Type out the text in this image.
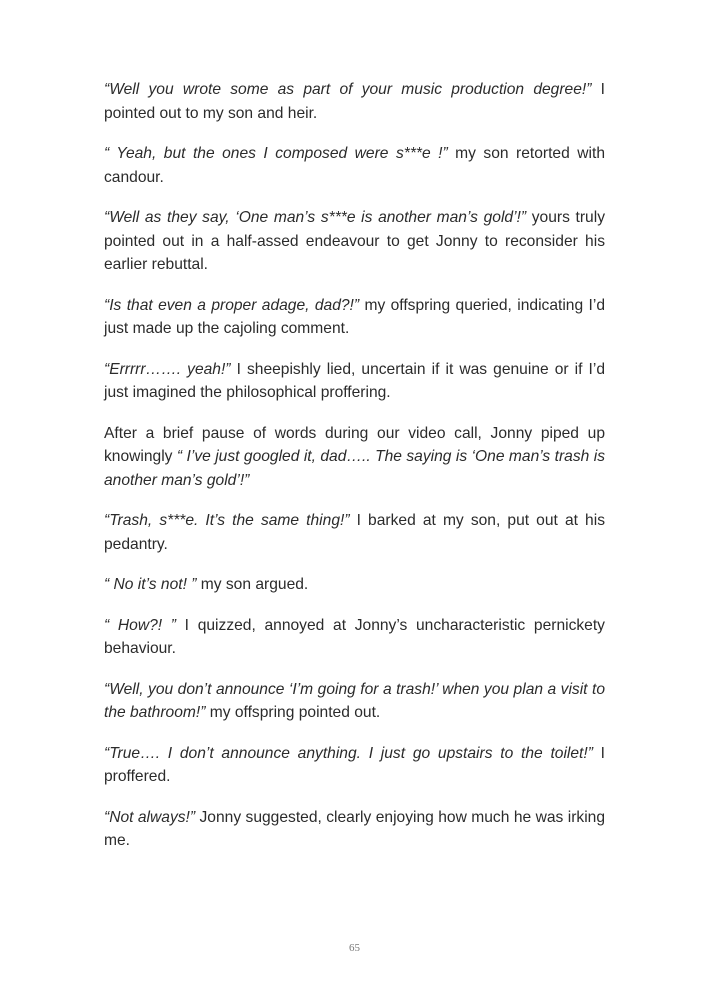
“Well you wrote some as part of your music production degree!” I pointed out to my son and heir.

“ Yeah, but the ones I composed were s***e !” my son retorted with candour.

“Well as they say, ‘One man’s s***e is another man’s gold’!” yours truly pointed out in a half-assed endeavour to get Jonny to reconsider his earlier rebuttal.

“Is that even a proper adage, dad?!” my offspring queried, indicating I’d just made up the cajoling comment.

“Errrrr……. yeah!” I sheepishly lied, uncertain if it was genuine or if I’d just imagined the philosophical proffering.

After a brief pause of words during our video call, Jonny piped up knowingly “ I’ve just googled it, dad….. The saying is ‘One man’s trash is another man’s gold’!”

“Trash, s***e. It’s the same thing!” I barked at my son, put out at his pedantry.

“ No it’s not! ” my son argued.

“ How?! ” I quizzed, annoyed at Jonny’s uncharacteristic pernickety behaviour.

“Well, you don’t announce ‘I’m going for a trash!’ when you plan a visit to the bathroom!” my offspring pointed out.

“True…. I don’t announce anything. I just go upstairs to the toilet!” I proffered.

“Not always!” Jonny suggested, clearly enjoying how much he was irking me.

65
